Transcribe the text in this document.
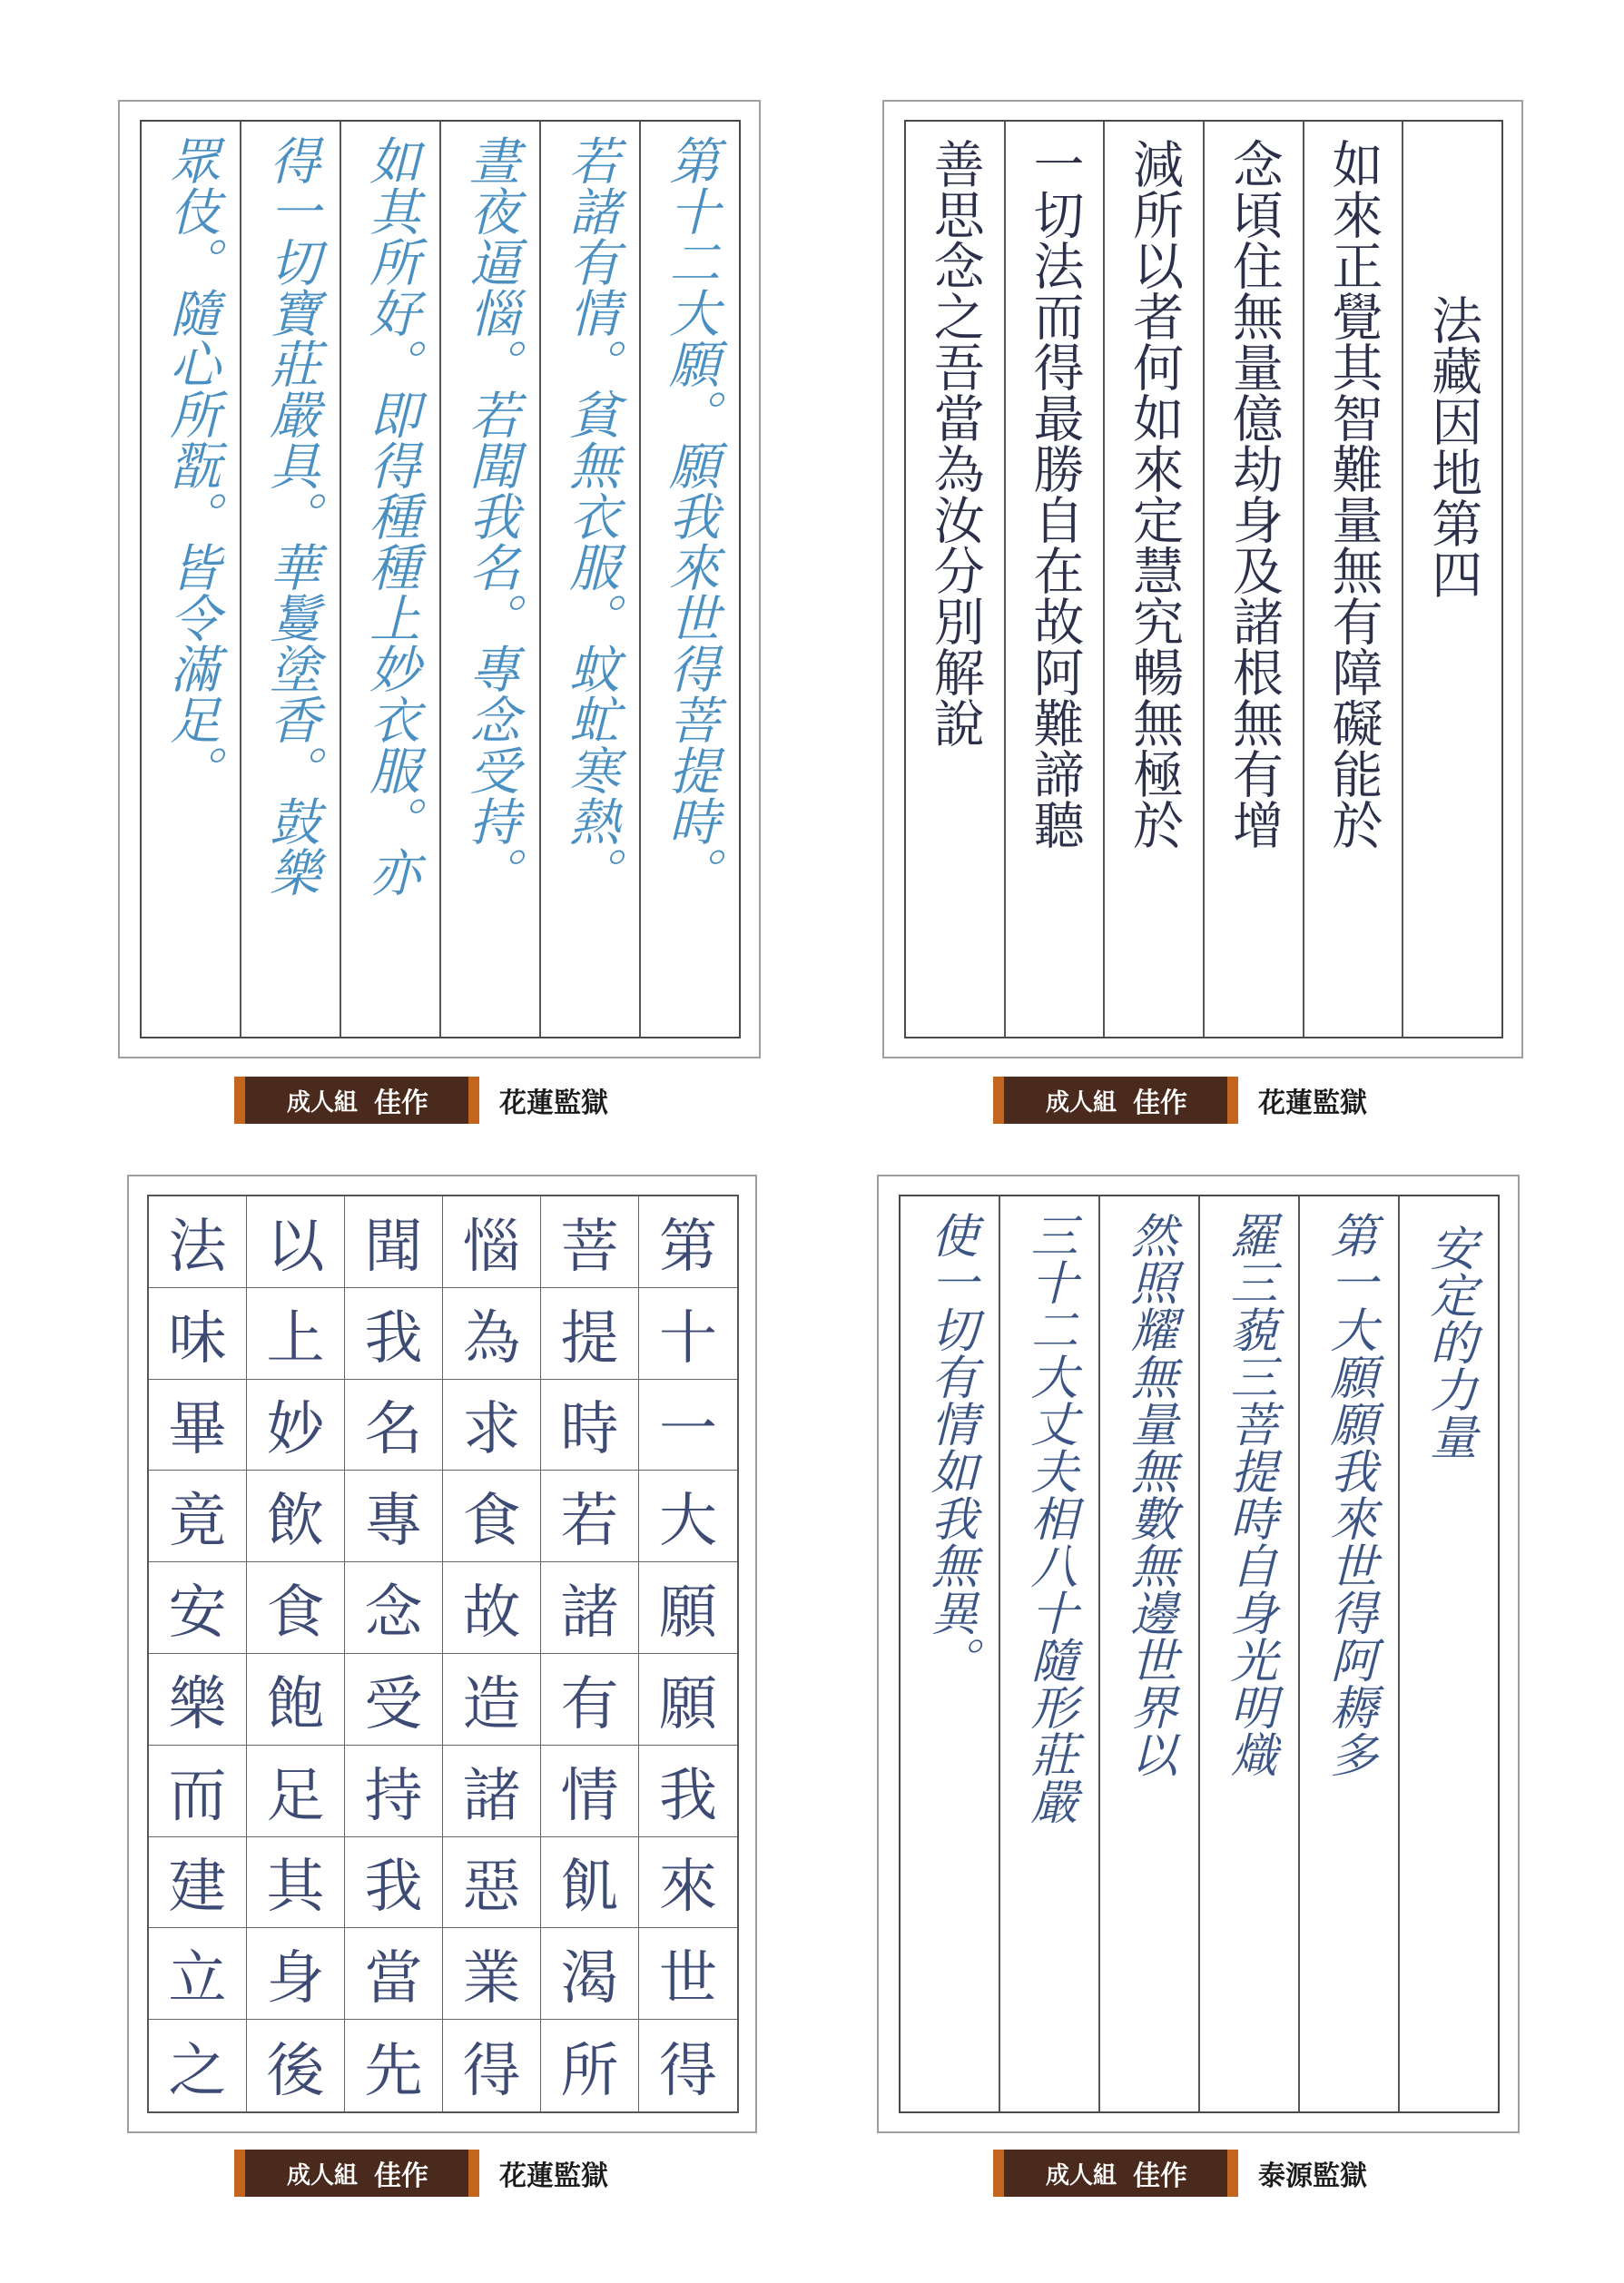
第十二大願。願我來世得菩提時。
若諸有情。貧無衣服。蚊虻寒熱。
晝夜逼惱。若聞我名。專念受持。
如其所好。即得種種上妙衣服。亦
得一切寶莊嚴具。華鬘塗香。鼓樂
眾伎。隨心所翫。皆令滿足。
成人組 佳作	花蓮監獄
法藏因地第四
如來正覺其智難量無有障礙能於
念頃住無量億劫身及諸根無有增
減所以者何如來定慧究暢無極於
一切法而得最勝自在故阿難諦聽
善思念之吾當為汝分別解說
成人組 佳作	花蓮監獄
法 以 聞 惱 菩 第
味 上 我 為 提 十
畢 妙 名 求 時 一
竟 飲 專 食 若 大
安 食 念 故 諸 願
樂 飽 受 造 有 願
而 足 持 諸 情 我
建 其 我 惡 飢 來
立 身 當 業 渴 世
之 後 先 得 所 得
成人組 佳作	花蓮監獄
安定的力量
第一大願願我來世得阿耨多
羅三藐三菩提時自身光明熾
然照耀無量無數無邊世界以
三十二大丈夫相八十隨形莊嚴
使一切有情如我無異。
成人組 佳作	泰源監獄
